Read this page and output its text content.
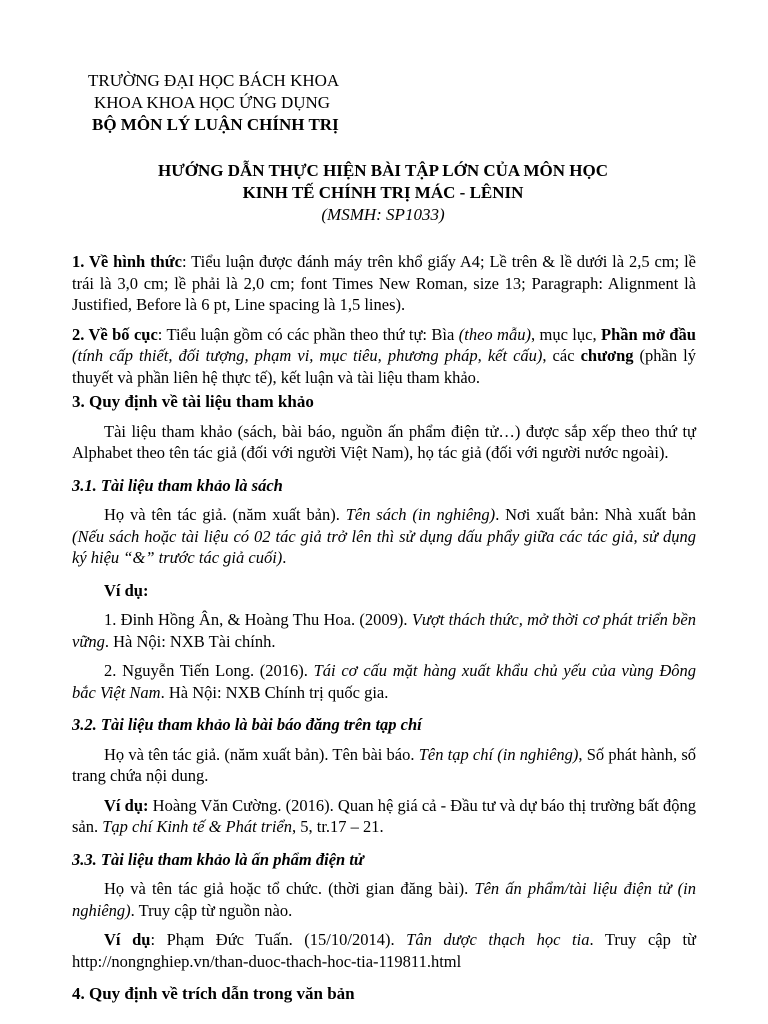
TRƯỜNG ĐẠI HỌC BÁCH KHOA
KHOA KHOA HỌC ỨNG DỤNG
BỘ MÔN LÝ LUẬN CHÍNH TRỊ
HƯỚNG DẪN THỰC HIỆN BÀI TẬP LỚN CỦA MÔN HỌC
KINH TẾ CHÍNH TRỊ MÁC - LÊNIN
(MSMH: SP1033)

1. Về hình thức: Tiểu luận được đánh máy trên khổ giấy A4; Lề trên & lề dưới là 2,5 cm; lề trái là 3,0 cm; lề phải là 2,0 cm; font Times New Roman, size 13; Paragraph: Alignment là Justified, Before là 6 pt, Line spacing là 1,5 lines).

2. Về bố cục: Tiểu luận gồm có các phần theo thứ tự: Bìa (theo mẫu), mục lục, Phần mở đầu (tính cấp thiết, đối tượng, phạm vi, mục tiêu, phương pháp, kết cấu), các chương (phần lý thuyết và phần liên hệ thực tế), kết luận và tài liệu tham khảo.

3. Quy định về tài liệu tham khảo

Tài liệu tham khảo (sách, bài báo, nguồn ấn phẩm điện tử…) được sắp xếp theo thứ tự Alphabet theo tên tác giả (đối với người Việt Nam), họ tác giả (đối với người nước ngoài).

3.1. Tài liệu tham khảo là sách

Họ và tên tác giả. (năm xuất bản). Tên sách (in nghiêng). Nơi xuất bản: Nhà xuất bản (Nếu sách hoặc tài liệu có 02 tác giả trở lên thì sử dụng dấu phẩy giữa các tác giả, sử dụng ký hiệu “&” trước tác giả cuối).

Ví dụ:

1. Đinh Hồng Ân, & Hoàng Thu Hoa. (2009). Vượt thách thức, mở thời cơ phát triển bền vững. Hà Nội: NXB Tài chính.

2. Nguyễn Tiến Long. (2016). Tái cơ cấu mặt hàng xuất khẩu chủ yếu của vùng Đông bắc Việt Nam. Hà Nội: NXB Chính trị quốc gia.

3.2. Tài liệu tham khảo là bài báo đăng trên tạp chí

Họ và tên tác giả. (năm xuất bản). Tên bài báo. Tên tạp chí (in nghiêng), Số phát hành, số trang chứa nội dung.

Ví dụ: Hoàng Văn Cường. (2016). Quan hệ giá cả - Đầu tư và dự báo thị trường bất động sản. Tạp chí Kinh tế & Phát triển, 5, tr.17 – 21.

3.3. Tài liệu tham khảo là ấn phẩm điện tử

Họ và tên tác giả hoặc tổ chức. (thời gian đăng bài). Tên ấn phẩm/tài liệu điện tử (in nghiêng). Truy cập từ nguồn nào.

Ví dụ: Phạm Đức Tuấn. (15/10/2014). Tân dược thạch học tia. Truy cập từ http://nongnghiep.vn/than-duoc-thach-hoc-tia-119811.html

4. Quy định về trích dẫn trong văn bản
